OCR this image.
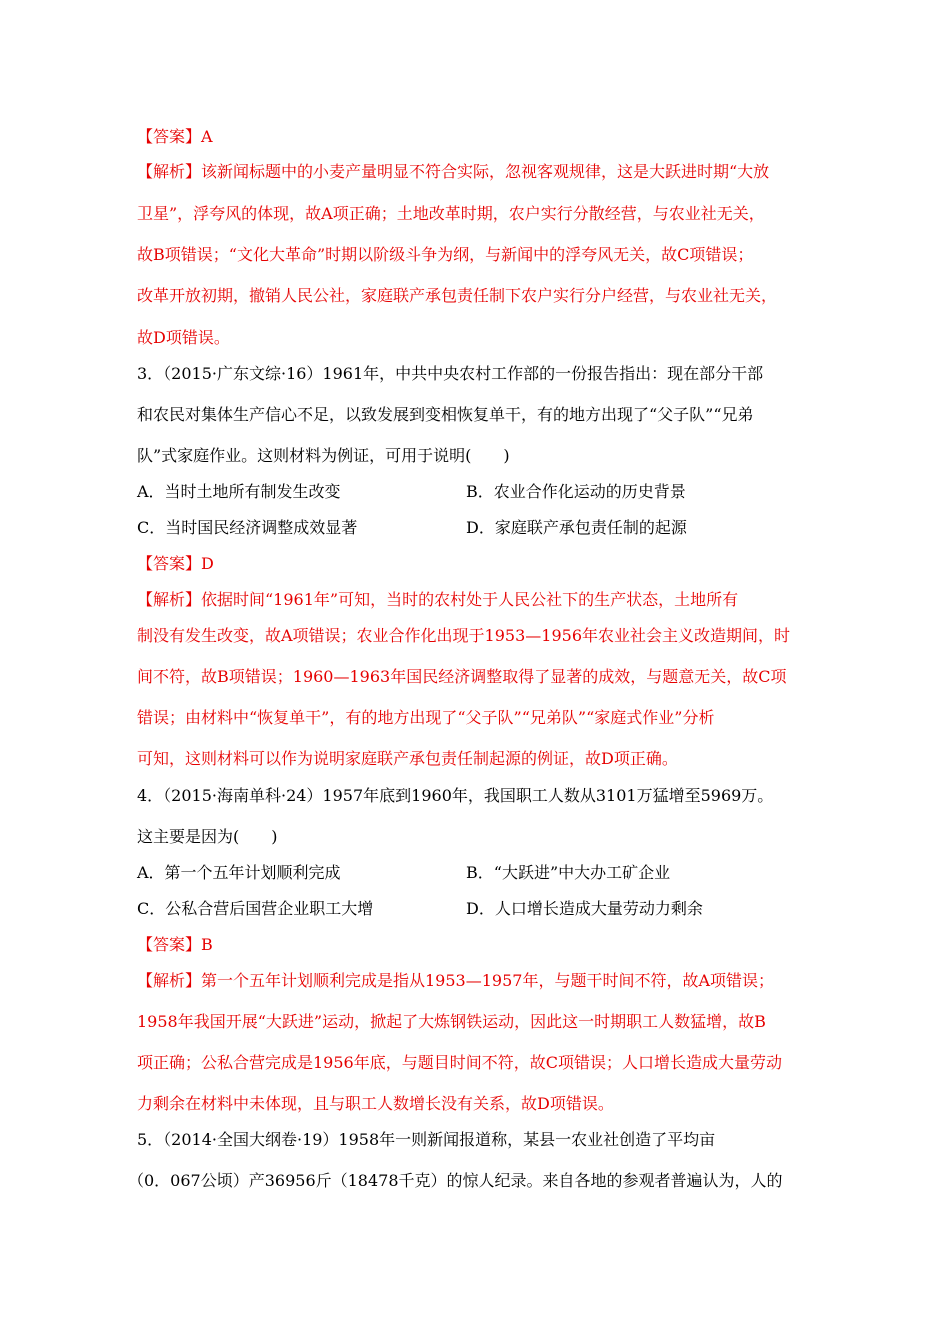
【答案】A
【解析】该新闻标题中的小麦产量明显不符合实际，忽视客观规律，这是大跃进时期“大放
卫星”，浮夸风的体现，故A项正确；土地改革时期，农户实行分散经营，与农业社无关，
故B项错误；“文化大革命”时期以阶级斗争为纲，与新闻中的浮夸风无关，故C项错误；
改革开放初期，撤销人民公社，家庭联产承包责任制下农户实行分户经营，与农业社无关，
故D项错误。
3．（2015·广东文综·16）1961年，中共中央农村工作部的一份报告指出：现在部分干部
和农民对集体生产信心不足，以致发展到变相恢复单干，有的地方出现了“父子队”“兄弟
队”式家庭作业。这则材料为例证，可用于说明(　　)
A．当时土地所有制发生改变	B．农业合作化运动的历史背景
C．当时国民经济调整成效显著	D．家庭联产承包责任制的起源
【答案】D
【解析】依据时间“1961年”可知，当时的农村处于人民公社下的生产状态，土地所有
制没有发生改变，故A项错误；农业合作化出现于1953—1956年农业社会主义改造期间，时
间不符，故B项错误；1960—1963年国民经济调整取得了显著的成效，与题意无关，故C项
错误；由材料中“恢复单干”，有的地方出现了“父子队”“兄弟队”“家庭式作业”分析
可知，这则材料可以作为说明家庭联产承包责任制起源的例证，故D项正确。
4．（2015·海南单科·24）1957年底到1960年，我国职工人数从3101万猛增至5969万。
这主要是因为(　　)
A．第一个五年计划顺利完成	B．“大跃进”中大办工矿企业
C．公私合营后国营企业职工大增	D．人口增长造成大量劳动力剩余
【答案】B
【解析】第一个五年计划顺利完成是指从1953—1957年，与题干时间不符，故A项错误；
1958年我国开展“大跃进”运动，掀起了大炼钢铁运动，因此这一时期职工人数猛增，故B
项正确；公私合营完成是1956年底，与题目时间不符，故C项错误；人口增长造成大量劳动
力剩余在材料中未体现，且与职工人数增长没有关系，故D项错误。
5．（2014·全国大纲卷·19）1958年一则新闻报道称，某县一农业社创造了平均亩
（0．067公顷）产36956斤（18478千克）的惊人纪录。来自各地的参观者普遍认为，人的
